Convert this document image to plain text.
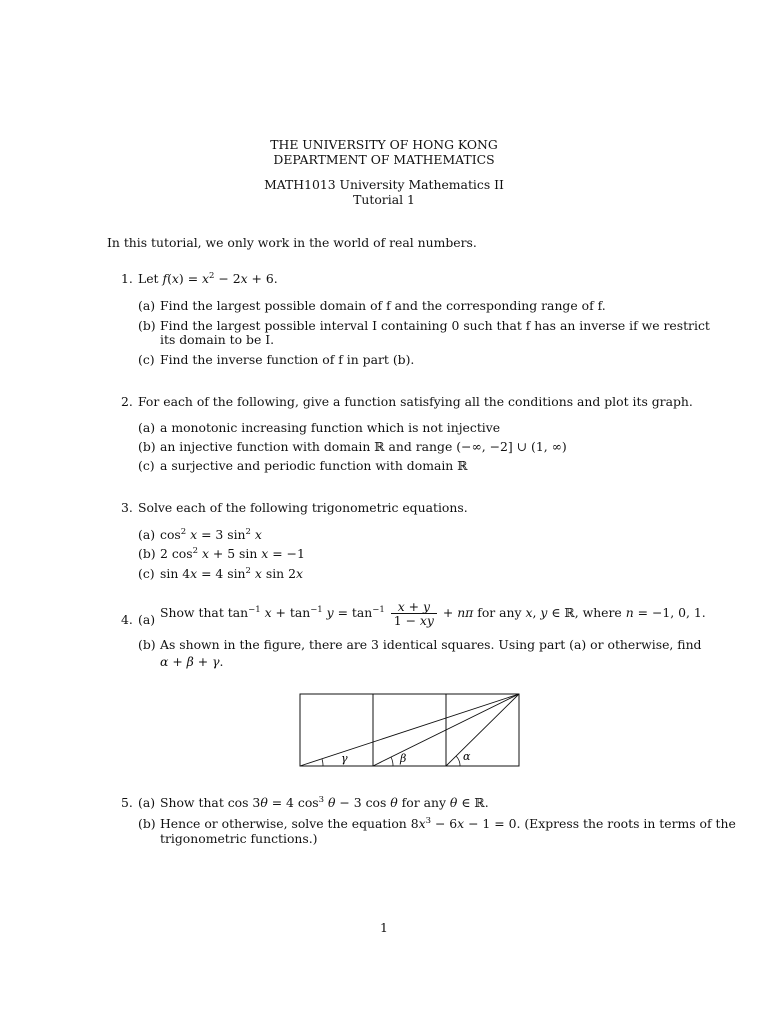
THE UNIVERSITY OF HONG KONG
DEPARTMENT OF MATHEMATICS
MATH1013 University Mathematics II
Tutorial 1
In this tutorial, we only work in the world of real numbers.
1. Let $f(x) = x^2 - 2x + 6$.
(a) Find the largest possible domain of f and the corresponding range of f.
(b) Find the largest possible interval I containing 0 such that f has an inverse if we restrict
its domain to be I.
(c) Find the inverse function of f in part (b).
2. For each of the following, give a function satisfying all the conditions and plot its graph.
(a) a monotonic increasing function which is not injective
(b) an injective function with domain ℝ and range (−∞, −2] ∪ (1, ∞)
(c) a surjective and periodic function with domain ℝ
3. Solve each of the following trigonometric equations.
(a) $\cos^2 x = 3$ $\sin^2 x$
(b) 2 $\cos^2 x + 5$ sin x = −1
(c) sin 4x = 4 $\sin^2 x$ sin 2x
4. (a) Show that $\tan^{-1} x + \tan^{-1} y = \tan^{-1} \frac{x + y}{1 - xy} + n\pi$ for any x, y ∈ ℝ, where n = −1, 0, 1.
(b) As shown in the figure, there are 3 identical squares. Using part (a) or otherwise, find
α + β + γ.
γ	β	α
5. (a) Show that cos 3θ = 4 $\cos^3 \theta - 3$ cos θ for any θ ∈ ℝ.
(b) Hence or otherwise, solve the equation $8x^3 - 6x - 1 = 0$. (Express the roots in terms of the
trigonometric functions.)
1
